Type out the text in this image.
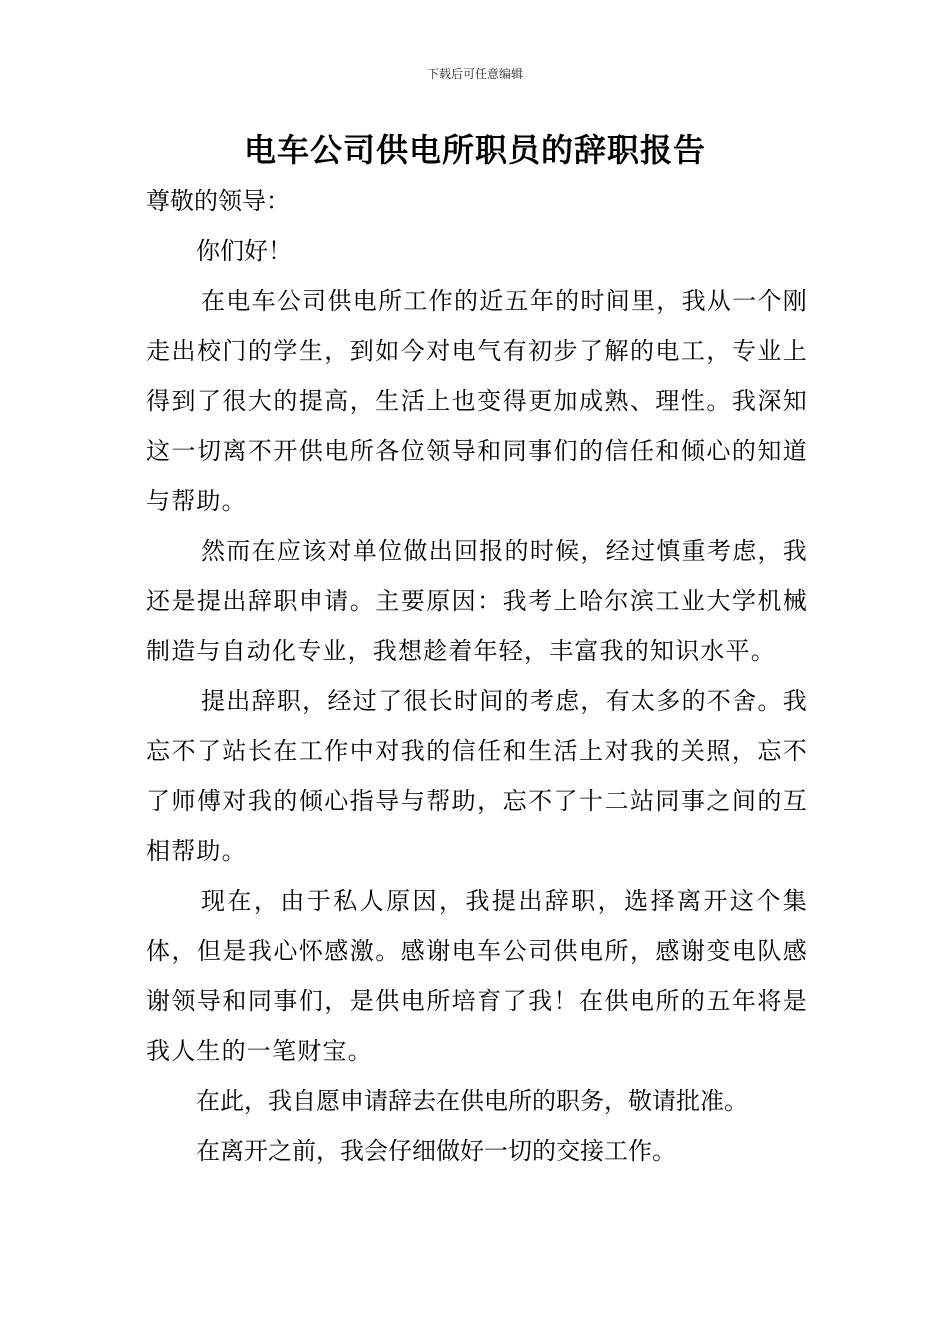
下载后可任意编辑
电车公司供电所职员的辞职报告

尊敬的领导：

你们好！

在电车公司供电所工作的近五年的时间里，我从一个刚走出校门的学生，到如今对电气有初步了解的电工，专业上得到了很大的提高，生活上也变得更加成熟、理性。我深知这一切离不开供电所各位领导和同事们的信任和倾心的知道与帮助。

然而在应该对单位做出回报的时候，经过慎重考虑，我还是提出辞职申请。主要原因：我考上哈尔滨工业大学机械制造与自动化专业，我想趁着年轻，丰富我的知识水平。

提出辞职，经过了很长时间的考虑，有太多的不舍。我忘不了站长在工作中对我的信任和生活上对我的关照，忘不了师傅对我的倾心指导与帮助，忘不了十二站同事之间的互相帮助。

现在，由于私人原因，我提出辞职，选择离开这个集体，但是我心怀感激。感谢电车公司供电所，感谢变电队感谢领导和同事们，是供电所培育了我！在供电所的五年将是我人生的一笔财宝。

在此，我自愿申请辞去在供电所的职务，敬请批准。

在离开之前，我会仔细做好一切的交接工作。
